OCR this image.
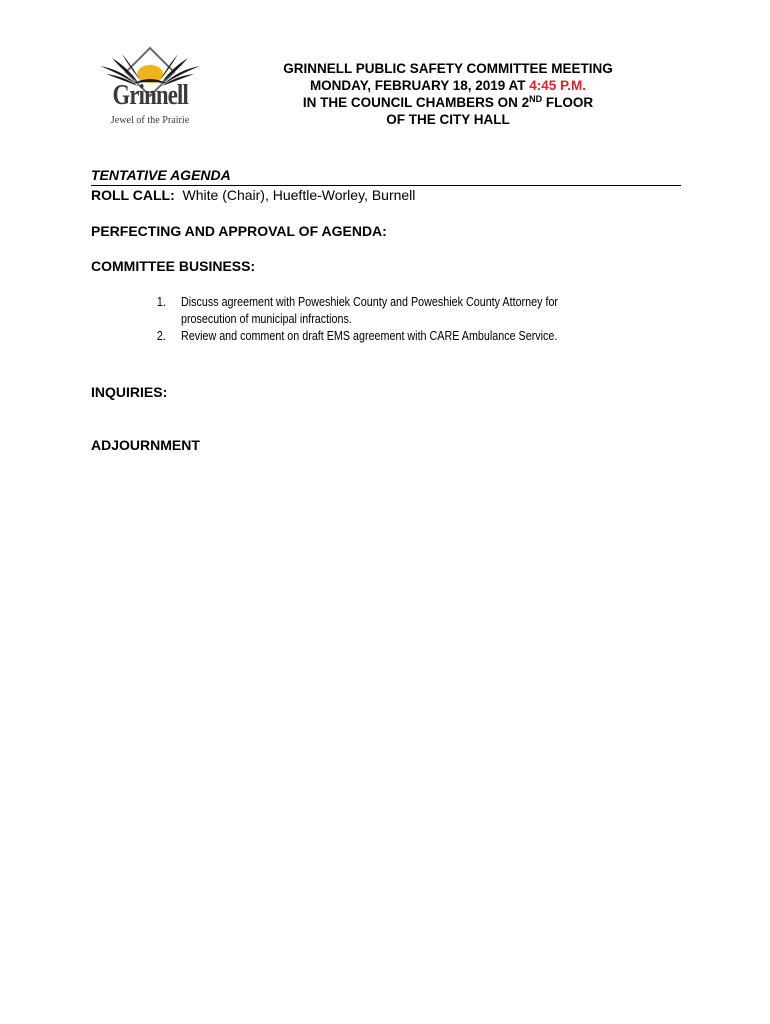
Grinnell
Jewel of the Prairie
GRINNELL PUBLIC SAFETY COMMITTEE MEETING
MONDAY, FEBRUARY 18, 2019 AT 4:45 P.M.
IN THE COUNCIL CHAMBERS ON 2ND FLOOR
OF THE CITY HALL
TENTATIVE AGENDA
ROLL CALL: White (Chair), Hueftle-Worley, Burnell
PERFECTING AND APPROVAL OF AGENDA:
COMMITTEE BUSINESS:
1. Discuss agreement with Poweshiek County and Poweshiek County Attorney for
prosecution of municipal infractions.
2. Review and comment on draft EMS agreement with CARE Ambulance Service.
INQUIRIES:
ADJOURNMENT
